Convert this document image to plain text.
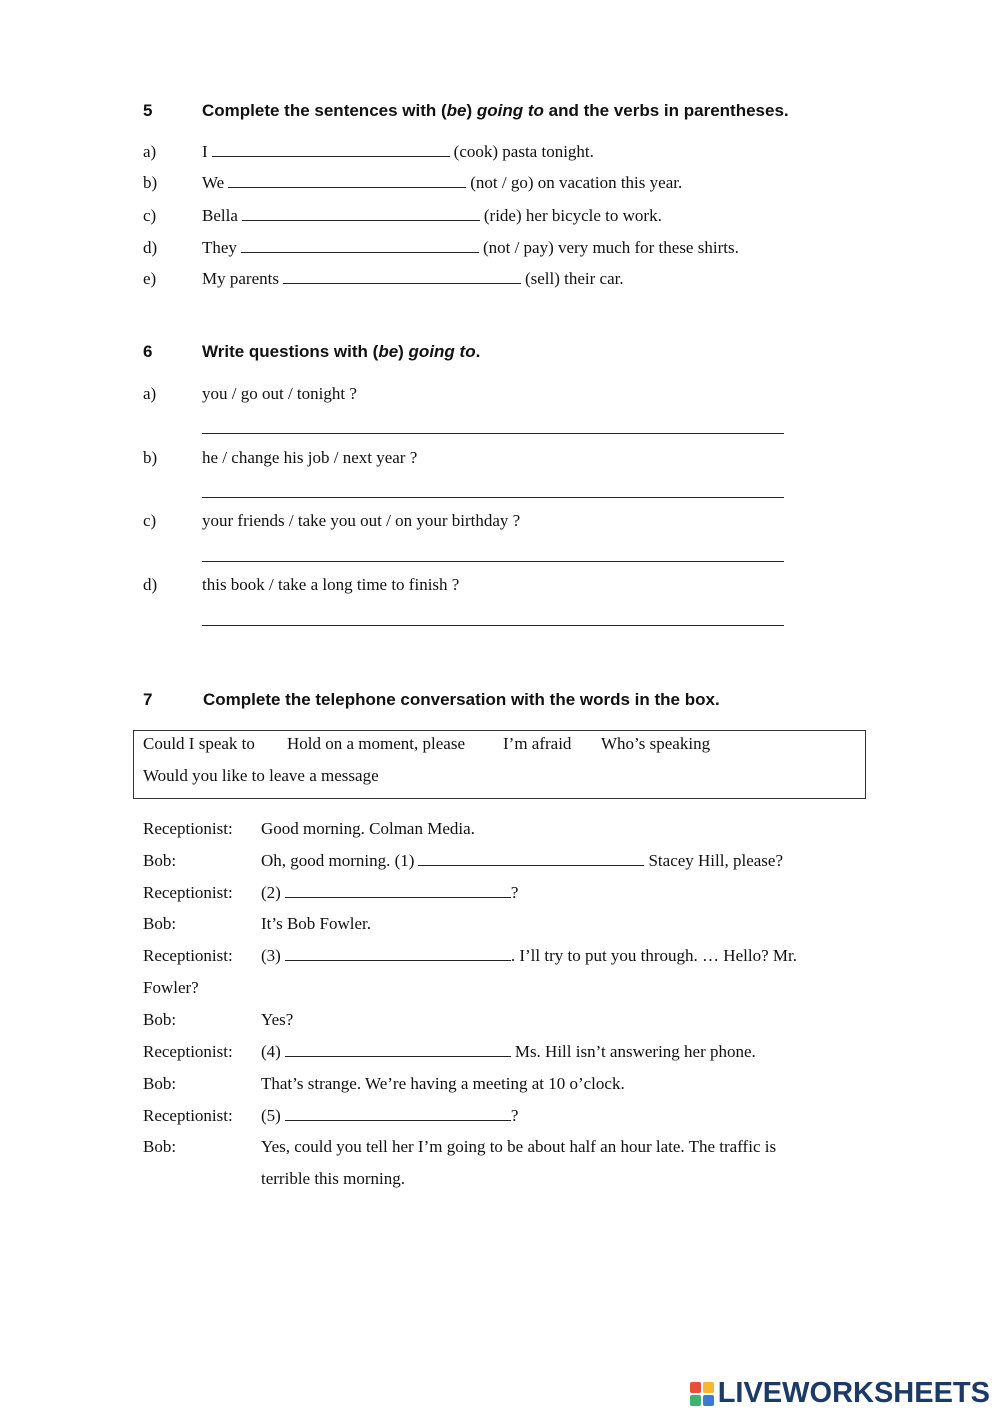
5	Complete the sentences with (be) going to and the verbs in parentheses.
a)	I	(cook) pasta tonight.
b)	We	(not / go) on vacation this year.
c)	Bella	(ride) her bicycle to work.
d)	They	(not / pay) very much for these shirts.
e)	My parents	(sell) their car.
6	Write questions with (be) going to.
a)	you / go out / tonight ?
b)	he / change his job / next year ?
c)	your friends / take you out / on your birthday ?
d)	this book / take a long time to finish ?
7	Complete the telephone conversation with the words in the box.
Could I speak to Hold on a moment, please I’m afraid Who’s speaking
Would you like to leave a message
Receptionist: Good morning. Colman Media.
Bob:	Oh, good morning. (1)	Stacey Hill, please?
Receptionist: (2)	?
Bob:	It’s Bob Fowler.
Receptionist: (3)	. I’ll try to put you through. … Hello? Mr.
Fowler?
Bob:	Yes?
Receptionist: (4)	Ms. Hill isn’t answering her phone.
Bob:	That’s strange. We’re having a meeting at 10 o’clock.
Receptionist: (5)	?
Bob:	Yes, could you tell her I’m going to be about half an hour late. The traffic is
terrible this morning.
LIVEWORKSHEETS
